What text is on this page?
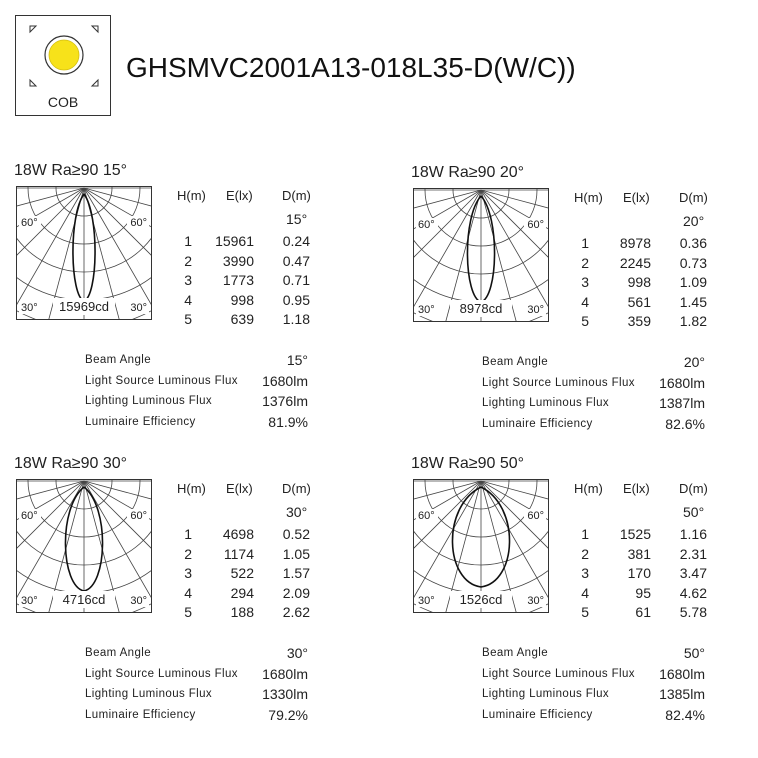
COB
GHSMVC2001A13-018L35-D(W/C))
18W Ra≥90 15°
60°	60°
30°	30°
15969cd
H(m) E(lx) D(m)
15°
1	15961	0.24
2	3990	0.47
3	1773	0.71
4	998	0.95
5	639	1.18
Beam Angle	15°
Light Source Luminous Flux	1680lm
Lighting Luminous Flux	1376lm
Luminaire Efficiency	81.9%
18W Ra≥90 20°
60°	60°
30°	30°
8978cd
H(m) E(lx) D(m)
20°
1	8978	0.36
2	2245	0.73
3	998	1.09
4	561	1.45
5	359	1.82
Beam Angle	20°
Light Source Luminous Flux	1680lm
Lighting Luminous Flux	1387lm
Luminaire Efficiency	82.6%
18W Ra≥90 30°
60°	60°
30°	30°
4716cd
H(m) E(lx) D(m)
30°
1	4698	0.52
2	1174	1.05
3	522	1.57
4	294	2.09
5	188	2.62
Beam Angle	30°
Light Source Luminous Flux	1680lm
Lighting Luminous Flux	1330lm
Luminaire Efficiency	79.2%
18W Ra≥90 50°
60°	60°
30°	30°
1526cd
H(m) E(lx) D(m)
50°
1	1525	1.16
2	381	2.31
3	170	3.47
4	95	4.62
5	61	5.78
Beam Angle	50°
Light Source Luminous Flux	1680lm
Lighting Luminous Flux	1385lm
Luminaire Efficiency	82.4%
